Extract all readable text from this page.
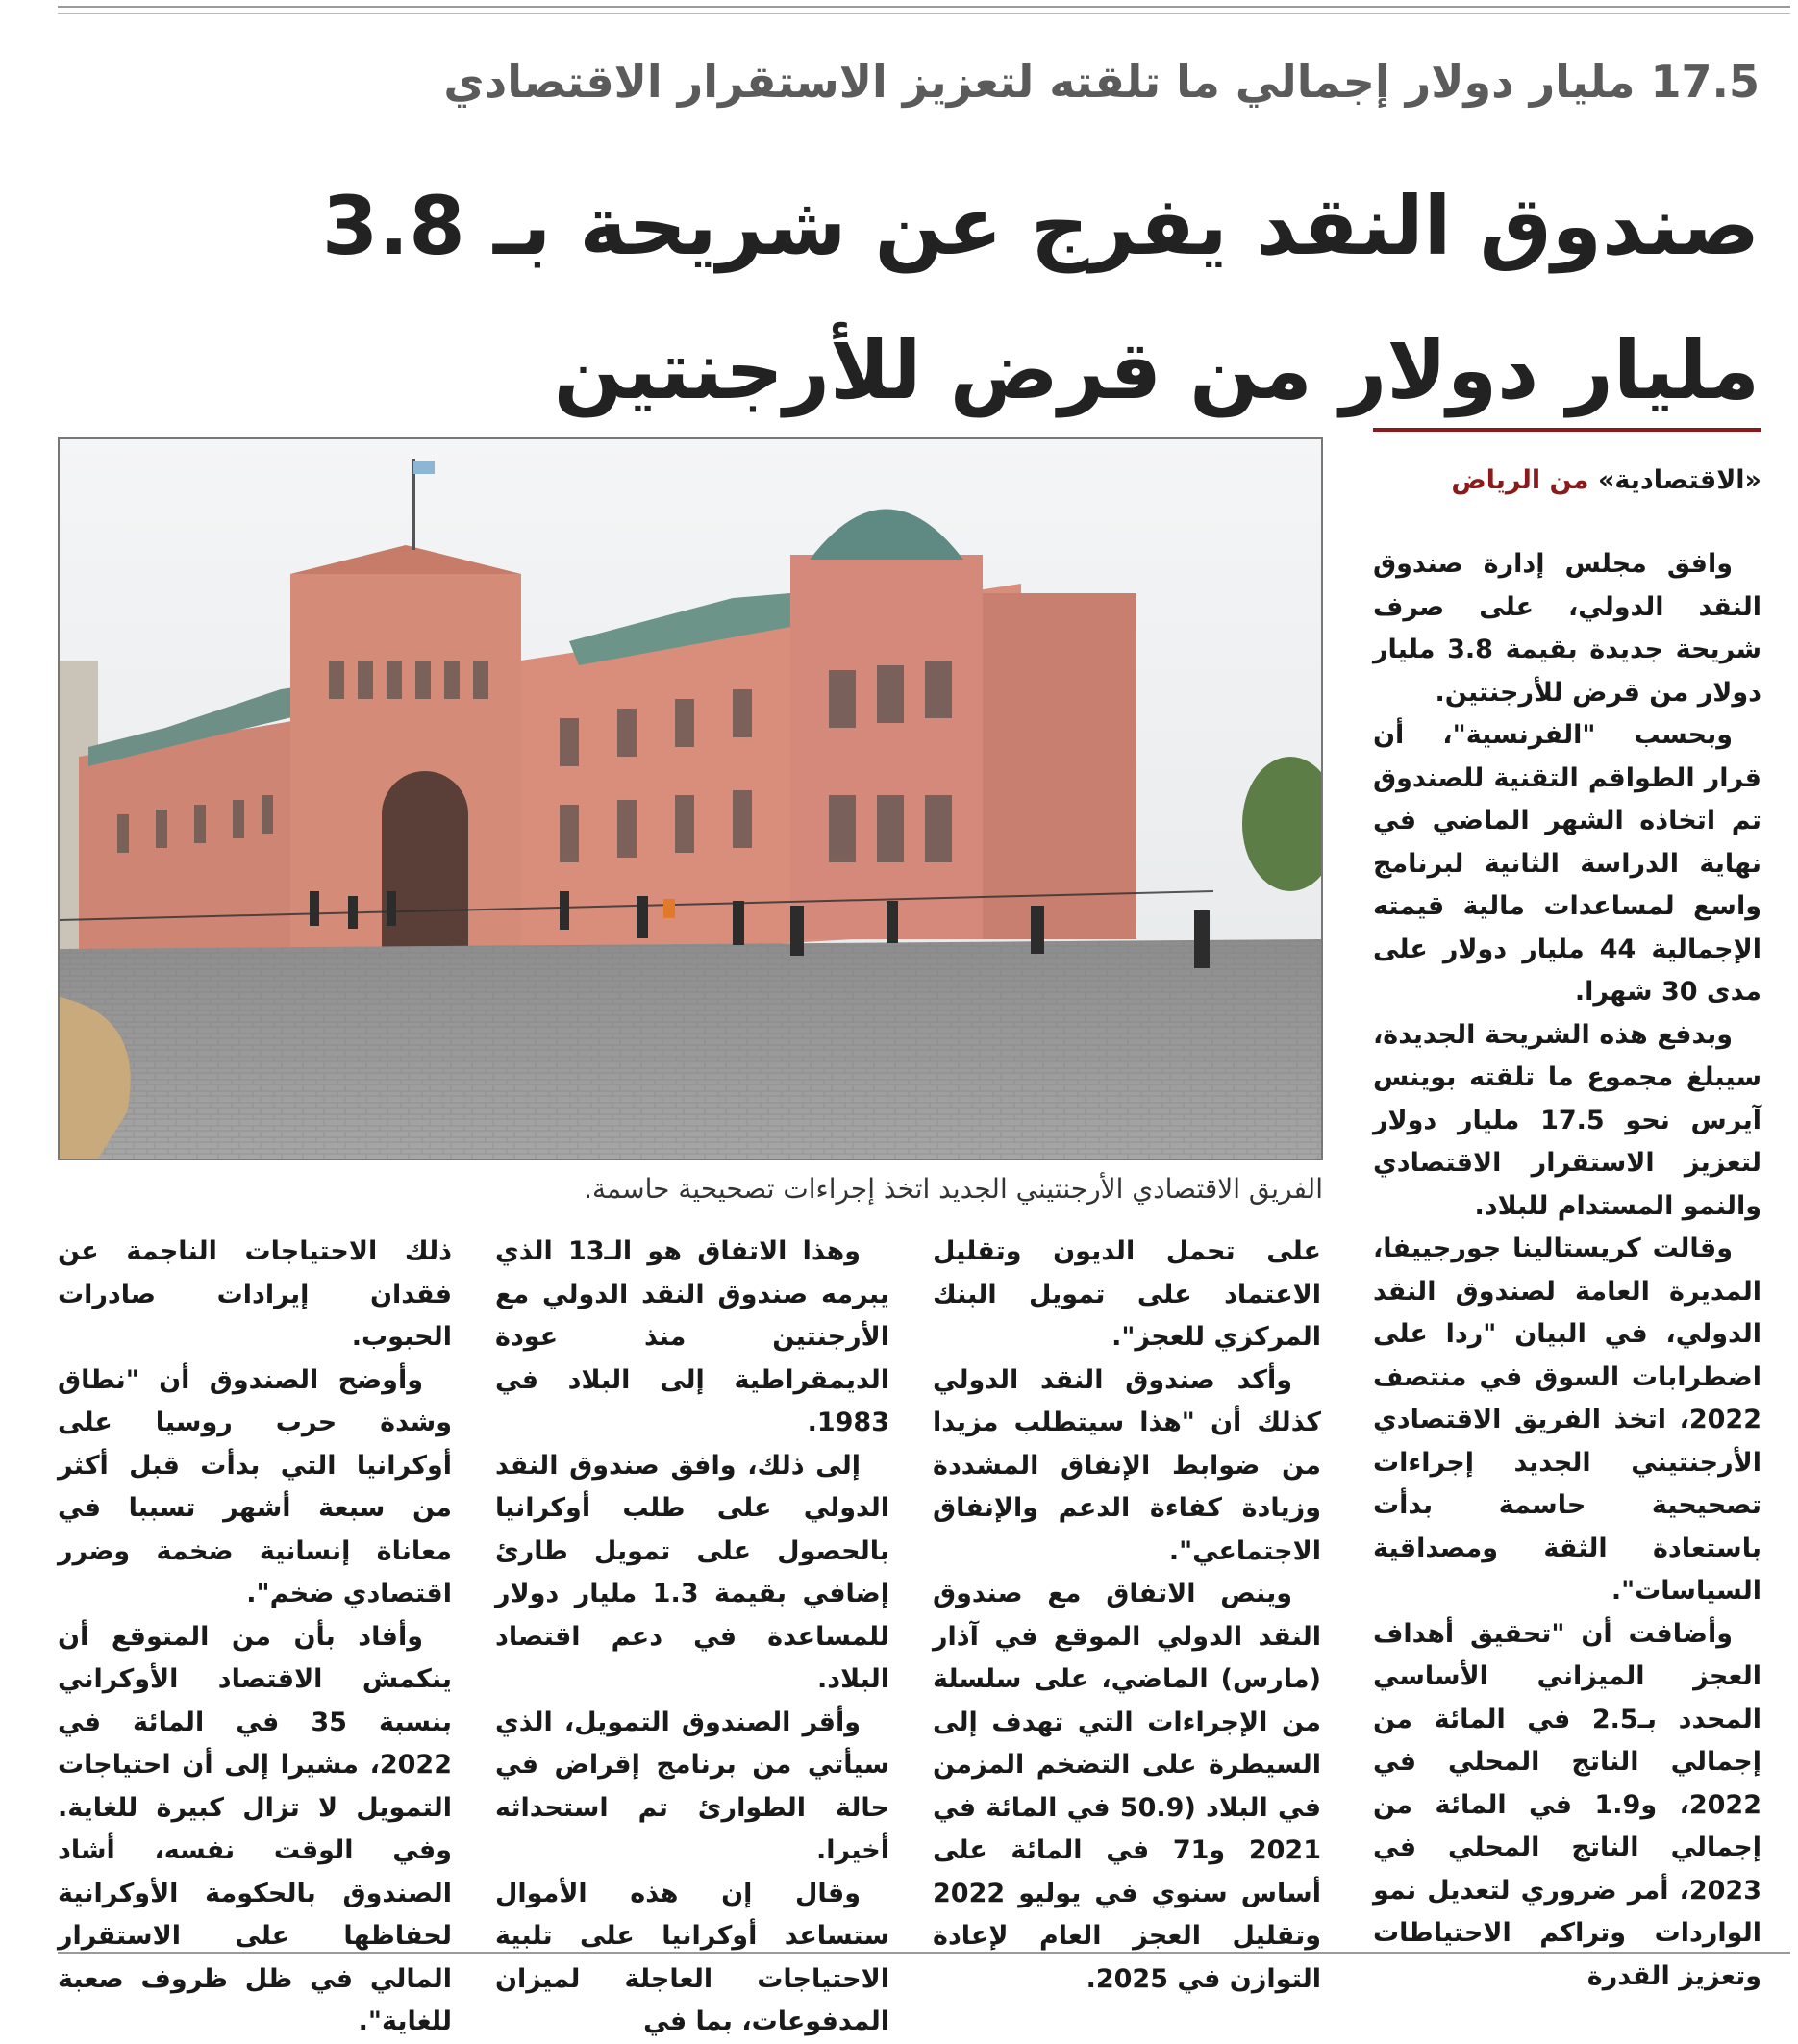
17.5 مليار دولار إجمالي ما تلقته لتعزيز الاستقرار الاقتصادي
صندوق النقد يفرج عن شريحة بـ 3.8 مليار دولار من قرض للأرجنتين
«الاقتصادية» من الرياض

وافق مجلس إدارة صندوق النقد الدولي، على صرف شريحة جديدة بقيمة 3.8 مليار دولار من قرض للأرجنتين.

وبحسب "الفرنسية"، أن قرار الطواقم التقنية للصندوق تم اتخاذه الشهر الماضي في نهاية الدراسة الثانية لبرنامج واسع لمساعدات مالية قيمته الإجمالية 44 مليار دولار على مدى 30 شهرا.

وبدفع هذه الشريحة الجديدة، سيبلغ مجموع ما تلقته بوينس آيرس نحو 17.5 مليار دولار لتعزيز الاستقرار الاقتصادي والنمو المستدام للبلاد.

وقالت كريستالينا جورجييفا، المديرة العامة لصندوق النقد الدولي، في البيان "ردا على اضطرابات السوق في منتصف 2022، اتخذ الفريق الاقتصادي الأرجنتيني الجديد إجراءات تصحيحية حاسمة بدأت باستعادة الثقة ومصداقية السياسات".

وأضافت أن "تحقيق أهداف العجز الميزاني الأساسي المحدد بـ2.5 في المائة من إجمالي الناتج المحلي في 2022، و1.9 في المائة من إجمالي الناتج المحلي في 2023، أمر ضروري لتعديل نمو الواردات وتراكم الاحتياطات وتعزيز القدرة

الفريق الاقتصادي الأرجنتيني الجديد اتخذ إجراءات تصحيحية حاسمة.

على تحمل الديون وتقليل الاعتماد على تمويل البنك المركزي للعجز".

وأكد صندوق النقد الدولي كذلك أن "هذا سيتطلب مزيدا من ضوابط الإنفاق المشددة وزيادة كفاءة الدعم والإنفاق الاجتماعي".

وينص الاتفاق مع صندوق النقد الدولي الموقع في آذار (مارس) الماضي، على سلسلة من الإجراءات التي تهدف إلى السيطرة على التضخم المزمن في البلاد (50.9 في المائة في 2021 و71 في المائة على أساس سنوي في يوليو 2022 وتقليل العجز العام لإعادة التوازن في 2025.

وهذا الاتفاق هو الـ13 الذي يبرمه صندوق النقد الدولي مع الأرجنتين منذ عودة الديمقراطية إلى البلاد في 1983.

إلى ذلك، وافق صندوق النقد الدولي على طلب أوكرانيا بالحصول على تمويل طارئ إضافي بقيمة 1.3 مليار دولار للمساعدة في دعم اقتصاد البلاد.

وأقر الصندوق التمويل، الذي سيأتي من برنامج إقراض في حالة الطوارئ تم استحداثه أخيرا.

وقال إن هذه الأموال ستساعد أوكرانيا على تلبية الاحتياجات العاجلة لميزان المدفوعات، بما في

ذلك الاحتياجات الناجمة عن فقدان إيرادات صادرات الحبوب.

وأوضح الصندوق أن "نطاق وشدة حرب روسيا على أوكرانيا التي بدأت قبل أكثر من سبعة أشهر تسببا في معاناة إنسانية ضخمة وضرر اقتصادي ضخم".

وأفاد بأن من المتوقع أن ينكمش الاقتصاد الأوكراني بنسبة 35 في المائة في 2022، مشيرا إلى أن احتياجات التمويل لا تزال كبيرة للغاية. وفي الوقت نفسه، أشاد الصندوق بالحكومة الأوكرانية لحفاظها على الاستقرار المالي في ظل ظروف صعبة للغاية".
